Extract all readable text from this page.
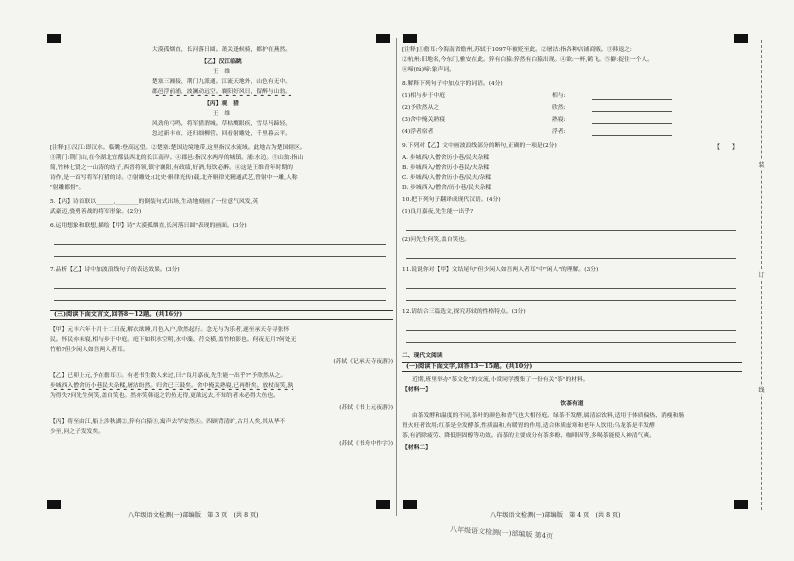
大漠孤烟直，长河落日圆。萧关逢候骑，都护在燕然。
【乙】汉江临眺
王　维
楚塞三湘接，荆门九派通。江流天地外，山色有无中。
郡邑浮前浦，波澜动远空。襄阳好风日，留醉与山翁。
【丙】观　猎
王　维
风劲角弓鸣，将军猎渭城。草枯鹰眼疾，雪尽马蹄轻。
忽过新丰市，还归细柳营。回看射雕处，千里暮云平。
[注释]①汉江:即汉水。临眺:登高远望。②楚塞:楚国边境地带,这里指汉水流域。此地古为楚国辖区。
③荆门:荆门山,在今湖北宜都县西北的长江南岸。④郡邑:指汉水两岸的城镇。浦:水边。⑤山翁:指山
简,竹林七贤之一山涛的幼子,西晋将领,镇守襄阳,有政绩,好酒,每饮必醉。⑥这是王维青年时期的
诗作,是一首写将军打猎的诗。⑦射雕处:(北史·斛律光传)载,北齐斛律光精通武艺,曾射中一雕,人称
"射雕都督"。
5.【丙】诗首联以______,________的倒装句式出场,生动地刻画了一位意气风发,英
武豪迈,骁勇善战的将军形象。(2分)
6.运用想象和联想,描绘【甲】诗"大漠孤烟直,长河落日圆"表现的画面。(3分)
7.品析【乙】诗中加波浪线句子的表达效果。(3分)
(三)阅读下面文言文,回答8～12题。(共16分)
【甲】元丰六年十月十二日夜,解衣欲睡,月色入户,欣然起行。念无与为乐者,遂至承天寺寻张怀
民。怀民亦未寝,相与步于中庭。庭下如积水空明,水中藻、荇交横,盖竹柏影也。何夜无月?何处无
竹柏?但少闲人如吾两人者耳。
(苏轼《记承天寺夜游》)
【乙】已卯上元,予在儋耳①。有老书生数人来过,曰:"良月嘉夜,先生能一出乎?"予欣然从之。
步城西入僧舍历小巷民夫杂糅,屠沽纷然。归舍已三鼓矣。舍中掩关熟寝,已再鼾矣。放杖而笑,孰
为得失?问先生何笑,盖自笑也。然亦笑韩退之钓鱼无得,更欲远去,不知钓者未必得大鱼也。
(苏轼《书上元夜游》)
【丙】将至由江,船上涉秋湖②,猝有白猿③,寓声去罕安然④。四顾背清旷,古月人矣,其从华不
少至,问之子发发矣。
(苏轼《书舟中作字》)
八年级语文检测(一)部编版　第 3 页　(共 8 页)
[注释]①儋耳:今海南省儋州,苏轼于1097年被贬至此。②屠沽:指各种店铺商贩。③韩退之:
②杭州:旧地名,今东门,雅安在此。猝有白猿:猝然有白猿出现。④欲:一杯,鹤飞。⑤擗:捉住一个人。
⑥啼(fú)啼:象声词。
8.解释下列句子中加点字的词语。(4分)
(1)相与步于中庭	相与:
(2)予欣然从之	欣然:
(3)舍中掩关熟寝	熟寝:
(4)浮者宿者	浮者:
9.下列对【乙】文中画波浪线部分的断句,正确的一项是(2分)	【　　】
A. 步城西/入僧舍历小巷/民夫杂糅
B. 步城西入/僧舍历小巷民/夫杂糅
C. 步城西/入僧舍历小巷/民夫/杂糅
D. 步城西入/僧舍/历小巷/民夫杂糅
10.把下列句子翻译成现代汉语。(4分)
(1)良月嘉夜,先生能一出乎?
(2)问先生何笑,盖自笑也。
11.说说你对【甲】文结尾句"但少闲人如吾两人者耳"中"闲人"的理解。(3分)
12.请结合三篇选文,探究苏轼的性格特点。(3分)
二、现代文阅读
(一)阅读下面文字,回答13～15题。(共10分)
近期,班里举办"茶文化"的交流,小赏同学搜集了一份有关"茶"的材料。
【材料一】
饮茶有道
由茶发酵和温度的不同,茶叶的颜色和香气也大相径庭。绿茶不发酵,属清凉饮料,适用于体质偏热、消瘦和肠
胃火旺者饮用;红茶是全发酵茶,性质温和,有暖胃的作用,适合体质虚寒和老年人饮用;乌龙茶是半发酵
茶,有消除疲劳、降低胆固醇等功效。而茶的主要成分有茶多酚、咖啡因等,多喝茶能使人神清气爽。
【材料二】
八年级语文检测(一)部编版　第 4 页　(共 8 页)
装
订
线
八年级语文检测(一)部编版 第4页
